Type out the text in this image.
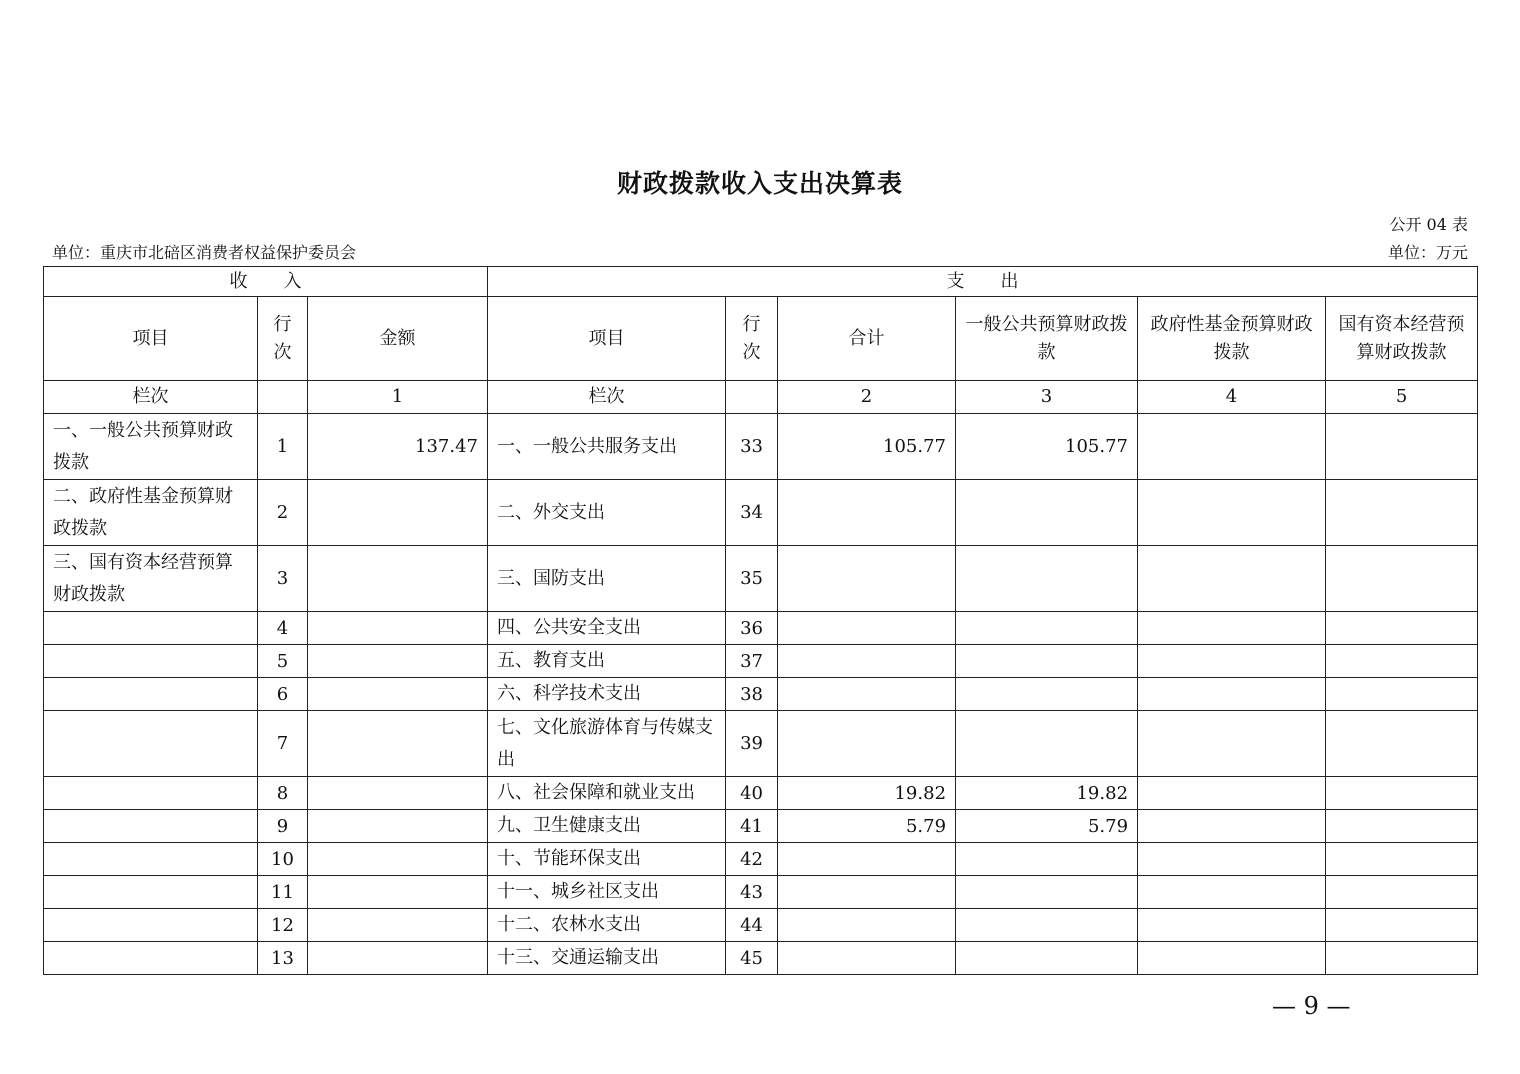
财政拨款收入支出决算表
公开 04 表
单位：重庆市北碚区消费者权益保护委员会	单位：万元
收　　入			支　　出					
项目	行次	金额	项目	行次	合计	一般公共预算财政拨款	政府性基金预算财政拨款	国有资本经营预算财政拨款
栏次		1	栏次		2	3	4	5
一、一般公共预算财政拨款	1	137.47	一、一般公共服务支出	33	105.77	105.77		
二、政府性基金预算财政拨款	2		二、外交支出	34				
三、国有资本经营预算财政拨款	3		三、国防支出	35				
	4		四、公共安全支出	36				
	5		五、教育支出	37				
	6		六、科学技术支出	38				
	7		七、文化旅游体育与传媒支出	39				
	8		八、社会保障和就业支出	40	19.82	19.82		
	9		九、卫生健康支出	41	5.79	5.79		
	10		十、节能环保支出	42				
	11		十一、城乡社区支出	43				
	12		十二、农林水支出	44				
	13		十三、交通运输支出	45				
— 9 —
